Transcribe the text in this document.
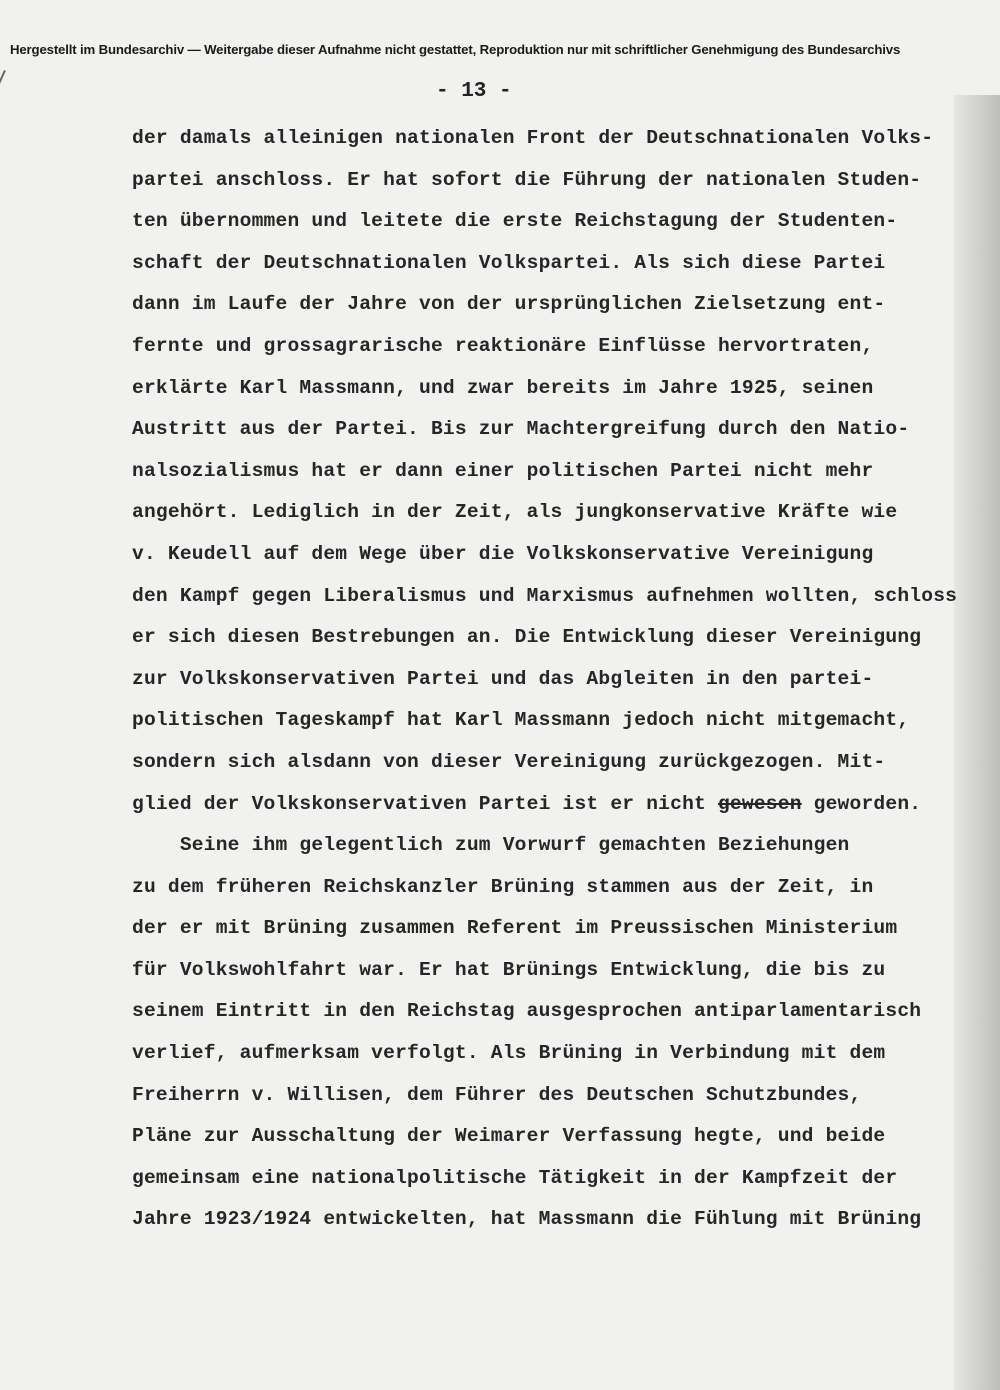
Hergestellt im Bundesarchiv — Weitergabe dieser Aufnahme nicht gestattet, Reproduktion nur mit schriftlicher Genehmigung des Bundesarchivs
- 13 -
der damals alleinigen nationalen Front der Deutschnationalen Volks-
partei anschloss. Er hat sofort die Führung der nationalen Studen-
ten übernommen und leitete die erste Reichstagung der Studenten-
schaft der Deutschnationalen Volkspartei. Als sich diese Partei
dann im Laufe der Jahre von der ursprünglichen Zielsetzung ent-
fernte und grossagrarische reaktionäre Einflüsse hervortraten,
erklärte Karl Massmann, und zwar bereits im Jahre 1925, seinen
Austritt aus der Partei. Bis zur Machtergreifung durch den Natio-
nalsozialismus hat er dann einer politischen Partei nicht mehr
angehört. Lediglich in der Zeit, als jungkonservative Kräfte wie
v. Keudell auf dem Wege über die Volkskonservative Vereinigung
den Kampf gegen Liberalismus und Marxismus aufnehmen wollten, schloss
er sich diesen Bestrebungen an. Die Entwicklung dieser Vereinigung
zur Volkskonservativen Partei und das Abgleiten in den partei-
politischen Tageskampf hat Karl Massmann jedoch nicht mitgemacht,
sondern sich alsdann von dieser Vereinigung zurückgezogen. Mit-
glied der Volkskonservativen Partei ist er nicht gewesen geworden.
Seine ihm gelegentlich zum Vorwurf gemachten Beziehungen
zu dem früheren Reichskanzler Brüning stammen aus der Zeit, in
der er mit Brüning zusammen Referent im Preussischen Ministerium
für Volkswohlfahrt war. Er hat Brünings Entwicklung, die bis zu
seinem Eintritt in den Reichstag ausgesprochen antiparlamentarisch
verlief, aufmerksam verfolgt. Als Brüning in Verbindung mit dem
Freiherrn v. Willisen, dem Führer des Deutschen Schutzbundes,
Pläne zur Ausschaltung der Weimarer Verfassung hegte, und beide
gemeinsam eine nationalpolitische Tätigkeit in der Kampfzeit der
Jahre 1923/1924 entwickelten, hat Massmann die Fühlung mit Brüning
